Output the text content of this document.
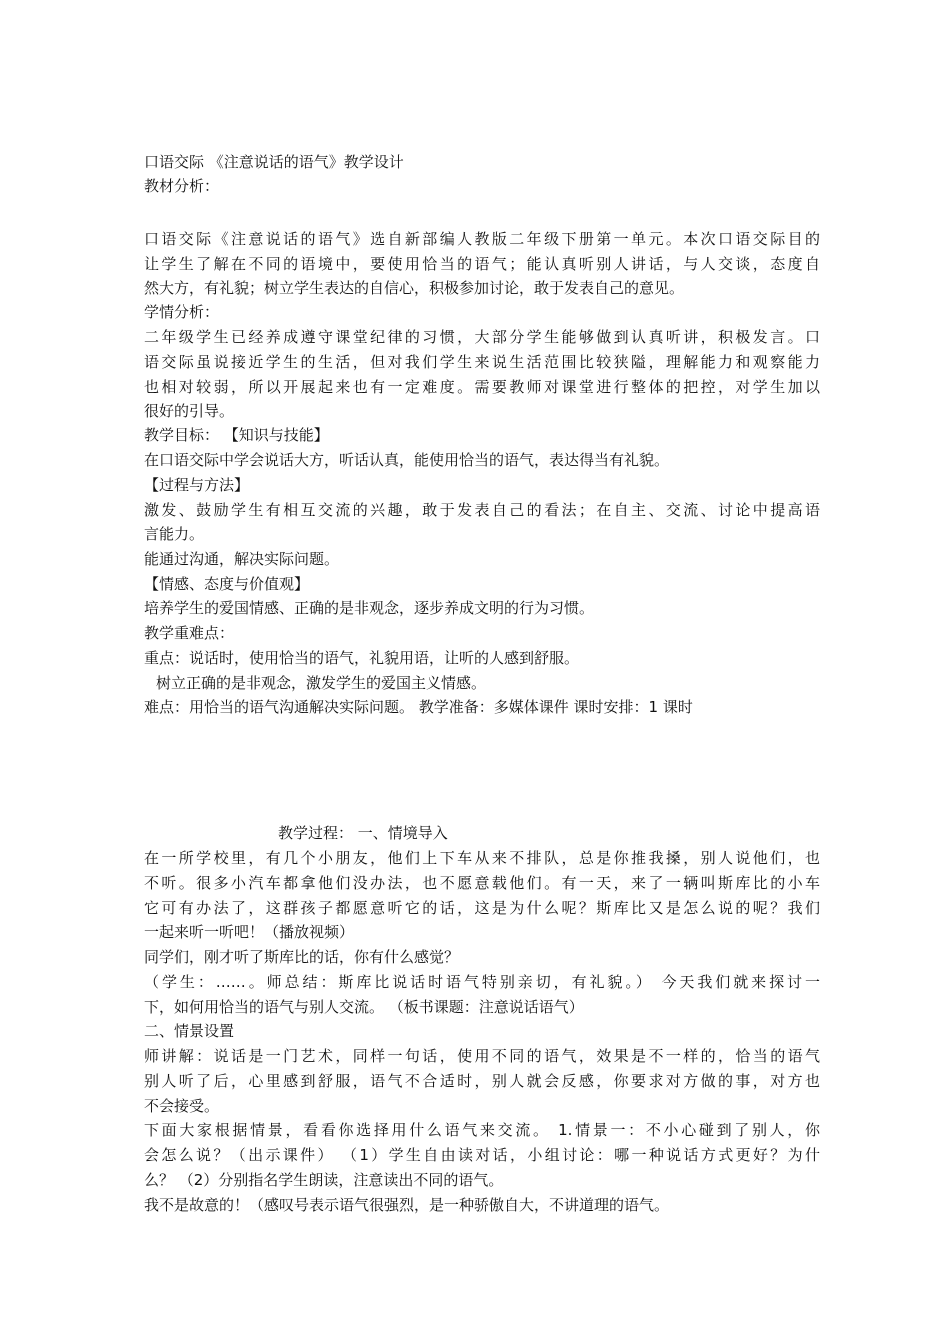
口语交际 《注意说话的语气》教学设计
教材分析：
口语交际《注意说话的语气》选自新部编人教版二年级下册第一单元。本次口语交际目的
让学生了解在不同的语境中，要使用恰当的语气；能认真听别人讲话，与人交谈，态度自
然大方，有礼貌；树立学生表达的自信心，积极参加讨论，敢于发表自己的意见。
学情分析：
二年级学生已经养成遵守课堂纪律的习惯，大部分学生能够做到认真听讲，积极发言。口
语交际虽说接近学生的生活，但对我们学生来说生活范围比较狭隘，理解能力和观察能力
也相对较弱，所以开展起来也有一定难度。需要教师对课堂进行整体的把控，对学生加以
很好的引导。
教学目标： 【知识与技能】
在口语交际中学会说话大方，听话认真，能使用恰当的语气，表达得当有礼貌。
【过程与方法】
激发、鼓励学生有相互交流的兴趣，敢于发表自己的看法；在自主、交流、讨论中提高语
言能力。
能通过沟通，解决实际问题。
【情感、态度与价值观】
培养学生的爱国情感、正确的是非观念，逐步养成文明的行为习惯。
教学重难点：
重点：说话时，使用恰当的语气，礼貌用语，让听的人感到舒服。
树立正确的是非观念，激发学生的爱国主义情感。
难点：用恰当的语气沟通解决实际问题。 教学准备：多媒体课件 课时安排：1 课时
教学过程： 一、情境导入
在一所学校里，有几个小朋友，他们上下车从来不排队，总是你推我搡，别人说他们，也
不听。很多小汽车都拿他们没办法，也不愿意载他们。有一天，来了一辆叫斯库比的小车
它可有办法了，这群孩子都愿意听它的话，这是为什么呢？斯库比又是怎么说的呢？我们
一起来听一听吧！（播放视频）
同学们，刚才听了斯库比的话，你有什么感觉？
（学生：……。师总结：斯库比说话时语气特别亲切，有礼貌。） 今天我们就来探讨一
下，如何用恰当的语气与别人交流。 （板书课题：注意说话语气）
二、情景设置
师讲解：说话是一门艺术，同样一句话，使用不同的语气，效果是不一样的，恰当的语气
别人听了后，心里感到舒服，语气不合适时，别人就会反感，你要求对方做的事，对方也
不会接受。
下面大家根据情景，看看你选择用什么语气来交流。 1.情景一：不小心碰到了别人，你
会怎么说？（出示课件） （1）学生自由读对话，小组讨论：哪一种说话方式更好？为什
么？ （2）分别指名学生朗读，注意读出不同的语气。
我不是故意的！（感叹号表示语气很强烈，是一种骄傲自大，不讲道理的语气。
